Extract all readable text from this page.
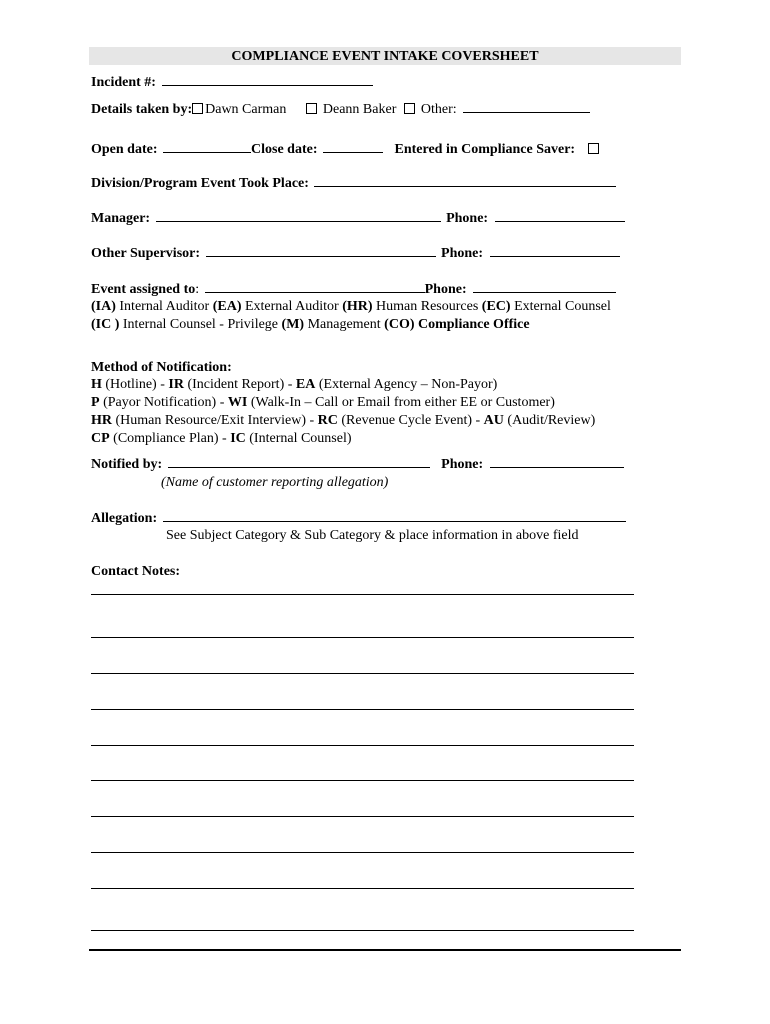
COMPLIANCE EVENT INTAKE COVERSHEET
Incident #:
Details taken by: Dawn Carman	Deann Baker Other:
Open date:	Close date:	Entered in Compliance Saver:
Division/Program Event Took Place:
Manager:	Phone:
Other Supervisor:	Phone:
Event assigned to:	Phone:
(IA) Internal Auditor (EA) External Auditor (HR) Human Resources (EC) External Counsel
(IC ) Internal Counsel - Privilege (M) Management (CO) Compliance Office
Method of Notification:
H (Hotline) - IR (Incident Report) - EA (External Agency – Non-Payor)
P (Payor Notification) - WI (Walk-In – Call or Email from either EE or Customer)
HR (Human Resource/Exit Interview) - RC (Revenue Cycle Event) - AU (Audit/Review)
CP (Compliance Plan) - IC (Internal Counsel)
Notified by:	Phone:
(Name of customer reporting allegation)
Allegation:
See Subject Category & Sub Category & place information in above field
Contact Notes:
